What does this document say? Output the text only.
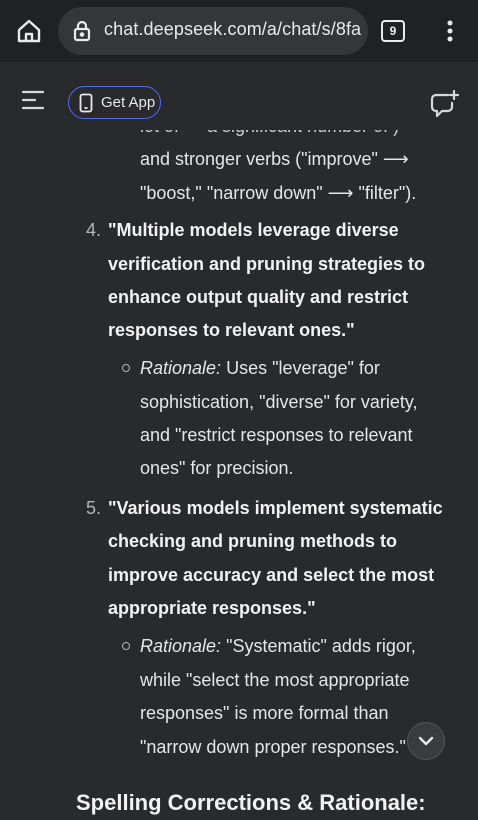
chat.deepseek.com/a/chat/s/8fa	9
Get App
and stronger verbs ("improve" ⟶
"boost," "narrow down" ⟶ "filter").
4. "Multiple models leverage diverse
verification and pruning strategies to
enhance output quality and restrict
responses to relevant ones."
Rationale: Uses "leverage" for
sophistication, "diverse" for variety,
and "restrict responses to relevant
ones" for precision.
5. "Various models implement systematic
checking and pruning methods to
improve accuracy and select the most
appropriate responses."
Rationale: "Systematic" adds rigor,
while "select the most appropriate
responses" is more formal than
"narrow down proper responses."
Spelling Corrections & Rationale:
